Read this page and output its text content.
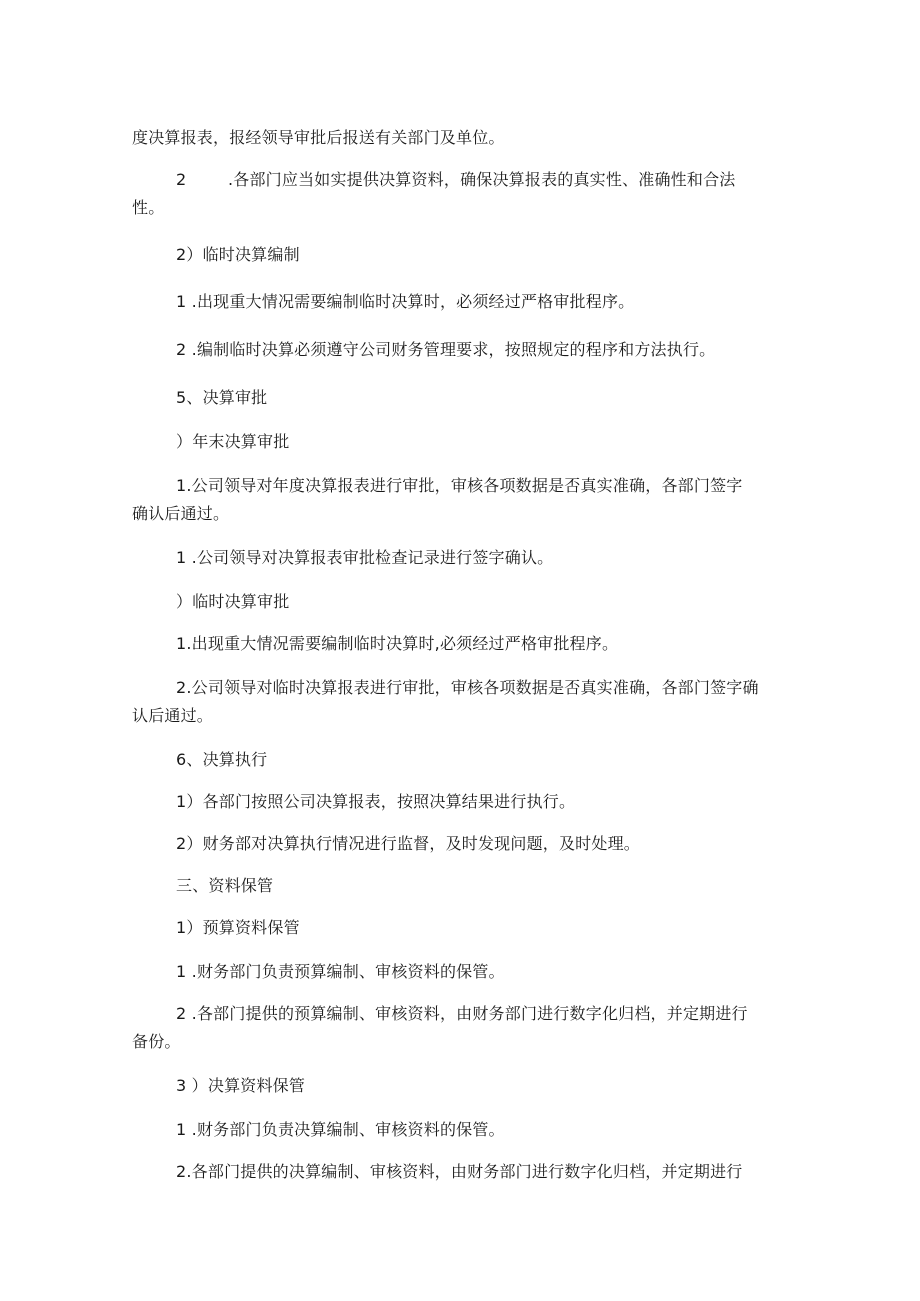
度决算报表，报经领导审批后报送有关部门及单位。
2	.各部门应当如实提供决算资料，确保决算报表的真实性、准确性和合法
性。
2）临时决算编制
1 .出现重大情况需要编制临时决算时，必须经过严格审批程序。
2 .编制临时决算必须遵守公司财务管理要求，按照规定的程序和方法执行。
5、决算审批
）年末决算审批
1.公司领导对年度决算报表进行审批，审核各项数据是否真实准确，各部门签字
确认后通过。
1 .公司领导对决算报表审批检查记录进行签字确认。
）临时决算审批
1.出现重大情况需要编制临时决算时,必须经过严格审批程序。
2.公司领导对临时决算报表进行审批，审核各项数据是否真实准确，各部门签字确
认后通过。
6、决算执行
1）各部门按照公司决算报表，按照决算结果进行执行。
2）财务部对决算执行情况进行监督，及时发现问题，及时处理。
三、资料保管
1）预算资料保管
1 .财务部门负责预算编制、审核资料的保管。
2 .各部门提供的预算编制、审核资料，由财务部门进行数字化归档，并定期进行
备份。
3 ）决算资料保管
1 .财务部门负责决算编制、审核资料的保管。
2.各部门提供的决算编制、审核资料，由财务部门进行数字化归档，并定期进行
